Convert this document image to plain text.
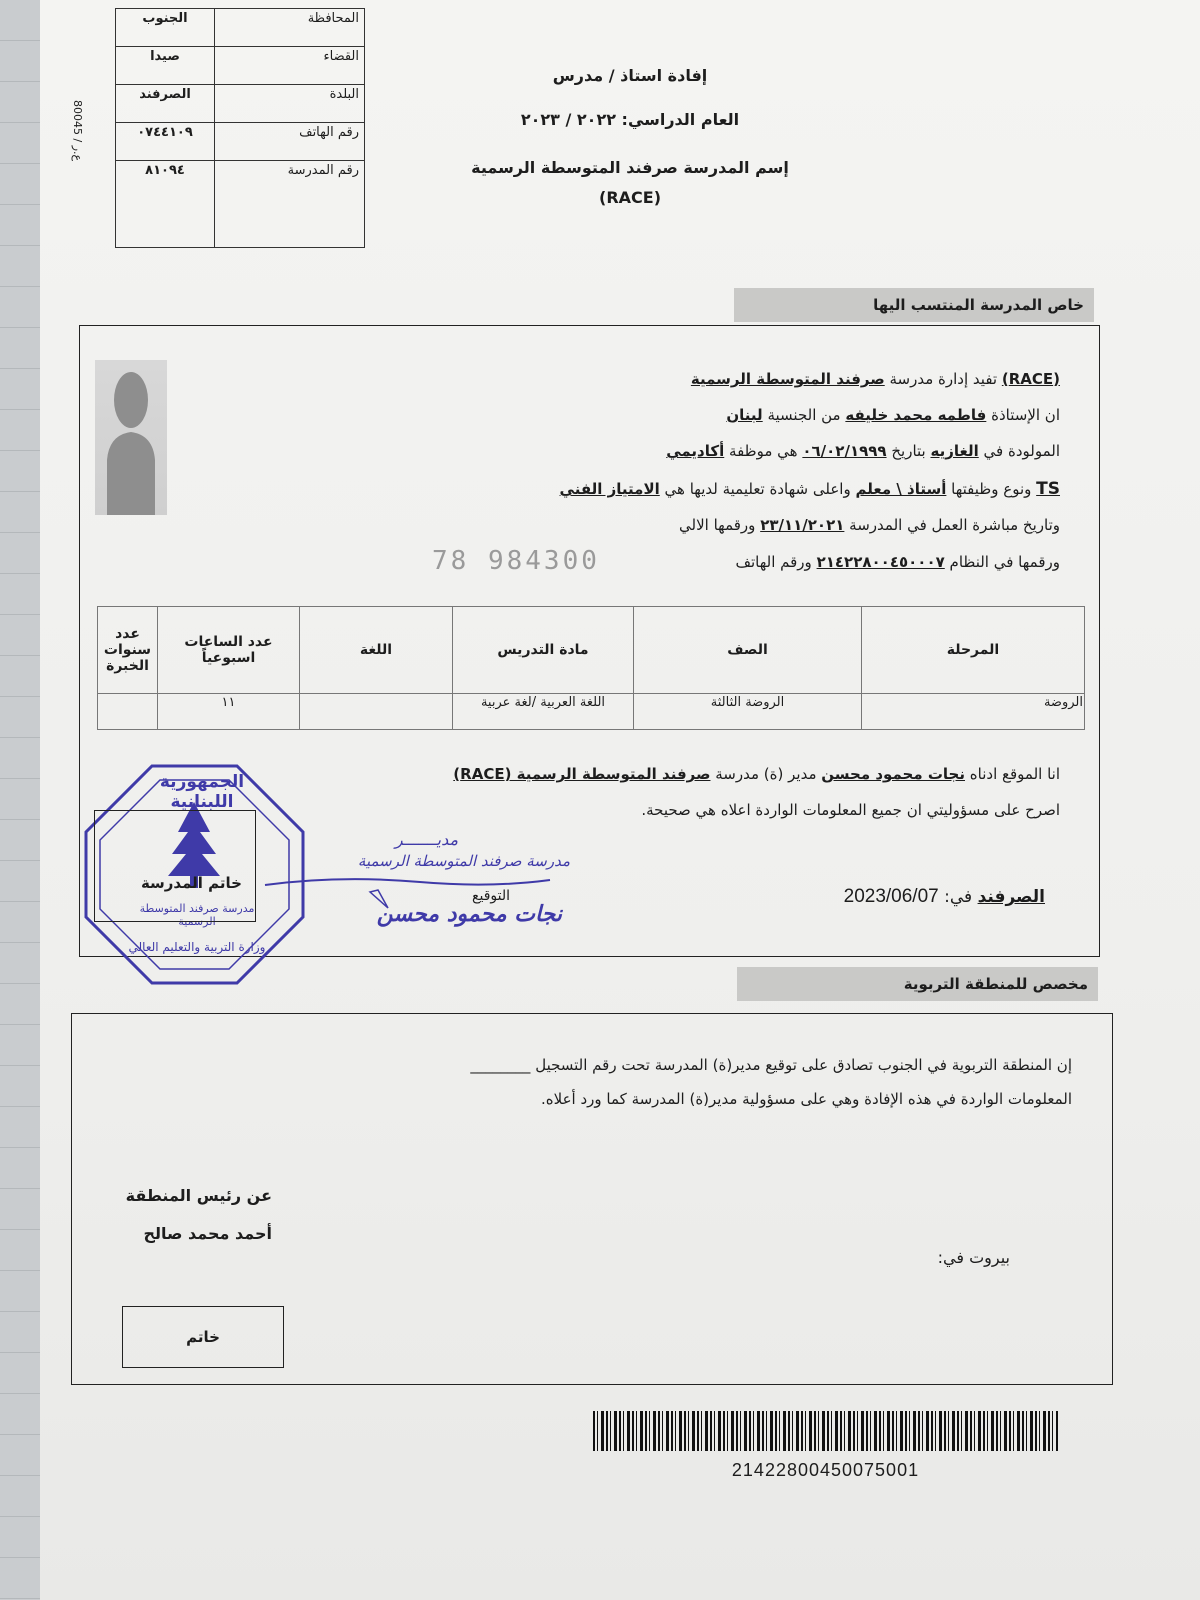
الجنوب	المحافظة
صيدا	القضاء
الصرفند	البلدة
٠٧٤٤١٠٩	رقم الهاتف
٨١٠٩٤	رقم المدرسة
80045 / ع.ر
إفادة استاذ / مدرس
العام الدراسي: ٢٠٢٢ / ٢٠٢٣
إسم المدرسة صرفند المتوسطة الرسمية
(RACE)
خاص المدرسة المنتسب اليها
(RACE) تفيد إدارة مدرسة صرفند المتوسطة الرسمية
ان الإستاذة فاطمه محمد خليفه من الجنسية لبنان
المولودة في الغازيه بتاريخ ٠٦/٠٢/١٩٩٩ هي موظفة أكاديمي
TS ونوع وظيفتها أستاذ \ معلم واعلى شهادة تعليمية لديها هي الامتياز الفني
وتاريخ مباشرة العمل في المدرسة ٢٣/١١/٢٠٢١ ورقمها الالي
ورقمها في النظام ٢١٤٢٢٨٠٠٤٥٠٠٠٧ ورقم الهاتف
78 984300
المرحلة	الصف	مادة التدريس	اللغة	عدد الساعات اسبوعياً	عدد سنوات الخبرة
الروضة	الروضة الثالثة	اللغة العربية /لغة عربية		١١	
انا الموقع ادناه نجات محمود محسن مدير (ة) مدرسة صرفند المتوسطة الرسمية (RACE)
اصرح على مسؤوليتي ان جميع المعلومات الواردة اعلاه هي صحيحة.
الصرفند في: 2023/06/07
التوقيع
مديـــــــر
مدرسة صرفند المتوسطة الرسمية
نجات محمود محسن
الجمهورية اللبنانية
وزارة التربية والتعليم العالي
مدرسة صرفند المتوسطة الرسمية
خاتم المدرسة
مخصص للمنطقة التربوية
إن المنطقة التربوية في الجنوب تصادق على توقيع مدير(ة) المدرسة تحت رقم التسجيل ________
المعلومات الواردة في هذه الإفادة وهي على مسؤولية مدير(ة) المدرسة كما ورد أعلاه.
عن رئيس المنطقة
أحمد محمد صالح
بيروت في:
خاتم
21422800450075001
